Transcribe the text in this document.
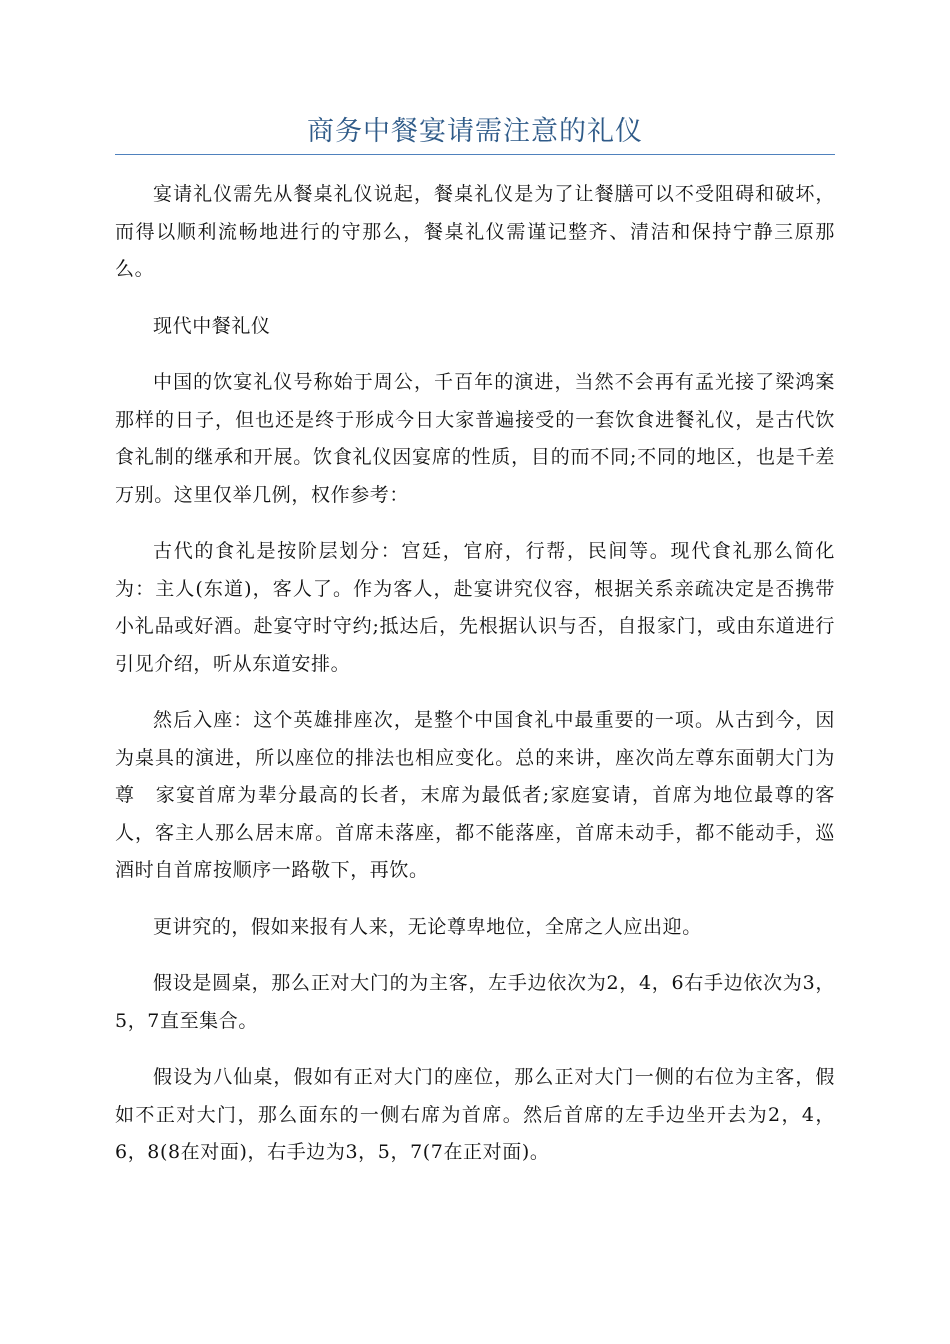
商务中餐宴请需注意的礼仪

宴请礼仪需先从餐桌礼仪说起，餐桌礼仪是为了让餐膳可以不受阻碍和破坏，而得以顺利流畅地进行的守那么，餐桌礼仪需谨记整齐、清洁和保持宁静三原那么。

现代中餐礼仪

中国的饮宴礼仪号称始于周公，千百年的演进，当然不会再有孟光接了梁鸿案那样的日子，但也还是终于形成今日大家普遍接受的一套饮食进餐礼仪，是古代饮食礼制的继承和开展。饮食礼仪因宴席的性质，目的而不同;不同的地区，也是千差万别。这里仅举几例，权作参考：

古代的食礼是按阶层划分：宫廷，官府，行帮，民间等。现代食礼那么简化为：主人(东道)，客人了。作为客人，赴宴讲究仪容，根据关系亲疏决定是否携带小礼品或好酒。赴宴守时守约;抵达后，先根据认识与否，自报家门，或由东道进行引见介绍，听从东道安排。

然后入座：这个英雄排座次，是整个中国食礼中最重要的一项。从古到今，因为桌具的演进，所以座位的排法也相应变化。总的来讲，座次尚左尊东面朝大门为尊　家宴首席为辈分最高的长者，末席为最低者;家庭宴请，首席为地位最尊的客人，客主人那么居末席。首席未落座，都不能落座，首席未动手，都不能动手，巡酒时自首席按顺序一路敬下，再饮。

更讲究的，假如来报有人来，无论尊卑地位，全席之人应出迎。

假设是圆桌，那么正对大门的为主客，左手边依次为2，4，6右手边依次为3，5，7直至集合。

假设为八仙桌，假如有正对大门的座位，那么正对大门一侧的右位为主客，假如不正对大门，那么面东的一侧右席为首席。然后首席的左手边坐开去为2，4，6，8(8在对面)，右手边为3，5，7(7在正对面)。
